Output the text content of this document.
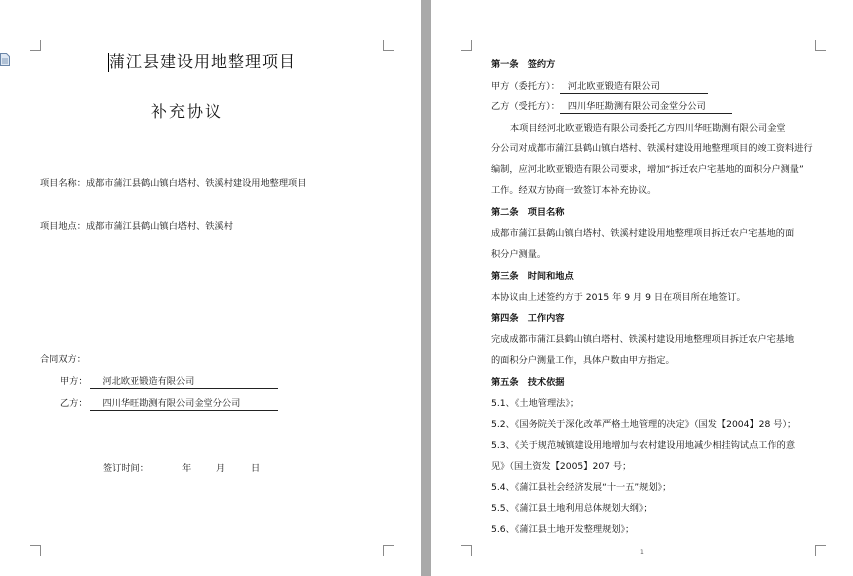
蒲江县建设用地整理项目
补充协议
项目名称：成都市蒲江县鹤山镇白塔村、铁溪村建设用地整理项目
项目地点：成都市蒲江县鹤山镇白塔村、铁溪村
合同双方：
甲方： 河北欧亚锻造有限公司
乙方： 四川华旺勘测有限公司金堂分公司
签订时间：	年	月	日
第一条　签约方
甲方（委托方）： 河北欧亚锻造有限公司
乙方（受托方）： 四川华旺勘测有限公司金堂分公司
本项目经河北欧亚锻造有限公司委托乙方四川华旺勘测有限公司金堂
分公司对成都市蒲江县鹤山镇白塔村、铁溪村建设用地整理项目的竣工资料进行
编制，应河北欧亚锻造有限公司要求，增加“拆迁农户宅基地的面积分户测量”
工作。经双方协商一致签订本补充协议。
第二条　项目名称
成都市蒲江县鹤山镇白塔村、铁溪村建设用地整理项目拆迁农户宅基地的面
积分户测量。
第三条　时间和地点
本协议由上述签约方于 2015 年 9 月 9 日在项目所在地签订。
第四条　工作内容
完成成都市蒲江县鹤山镇白塔村、铁溪村建设用地整理项目拆迁农户宅基地
的面积分户测量工作，具体户数由甲方指定。
第五条　技术依据
5.1、《土地管理法》；
5.2、《国务院关于深化改革严格土地管理的决定》（国发【2004】28 号）；
5.3、《关于规范城镇建设用地增加与农村建设用地减少相挂钩试点工作的意
见》（国土资发【2005】207 号；
5.4、《蒲江县社会经济发展“十一五”规划》；
5.5、《蒲江县土地利用总体规划大纲》；
5.6、《蒲江县土地开发整理规划》；
1
